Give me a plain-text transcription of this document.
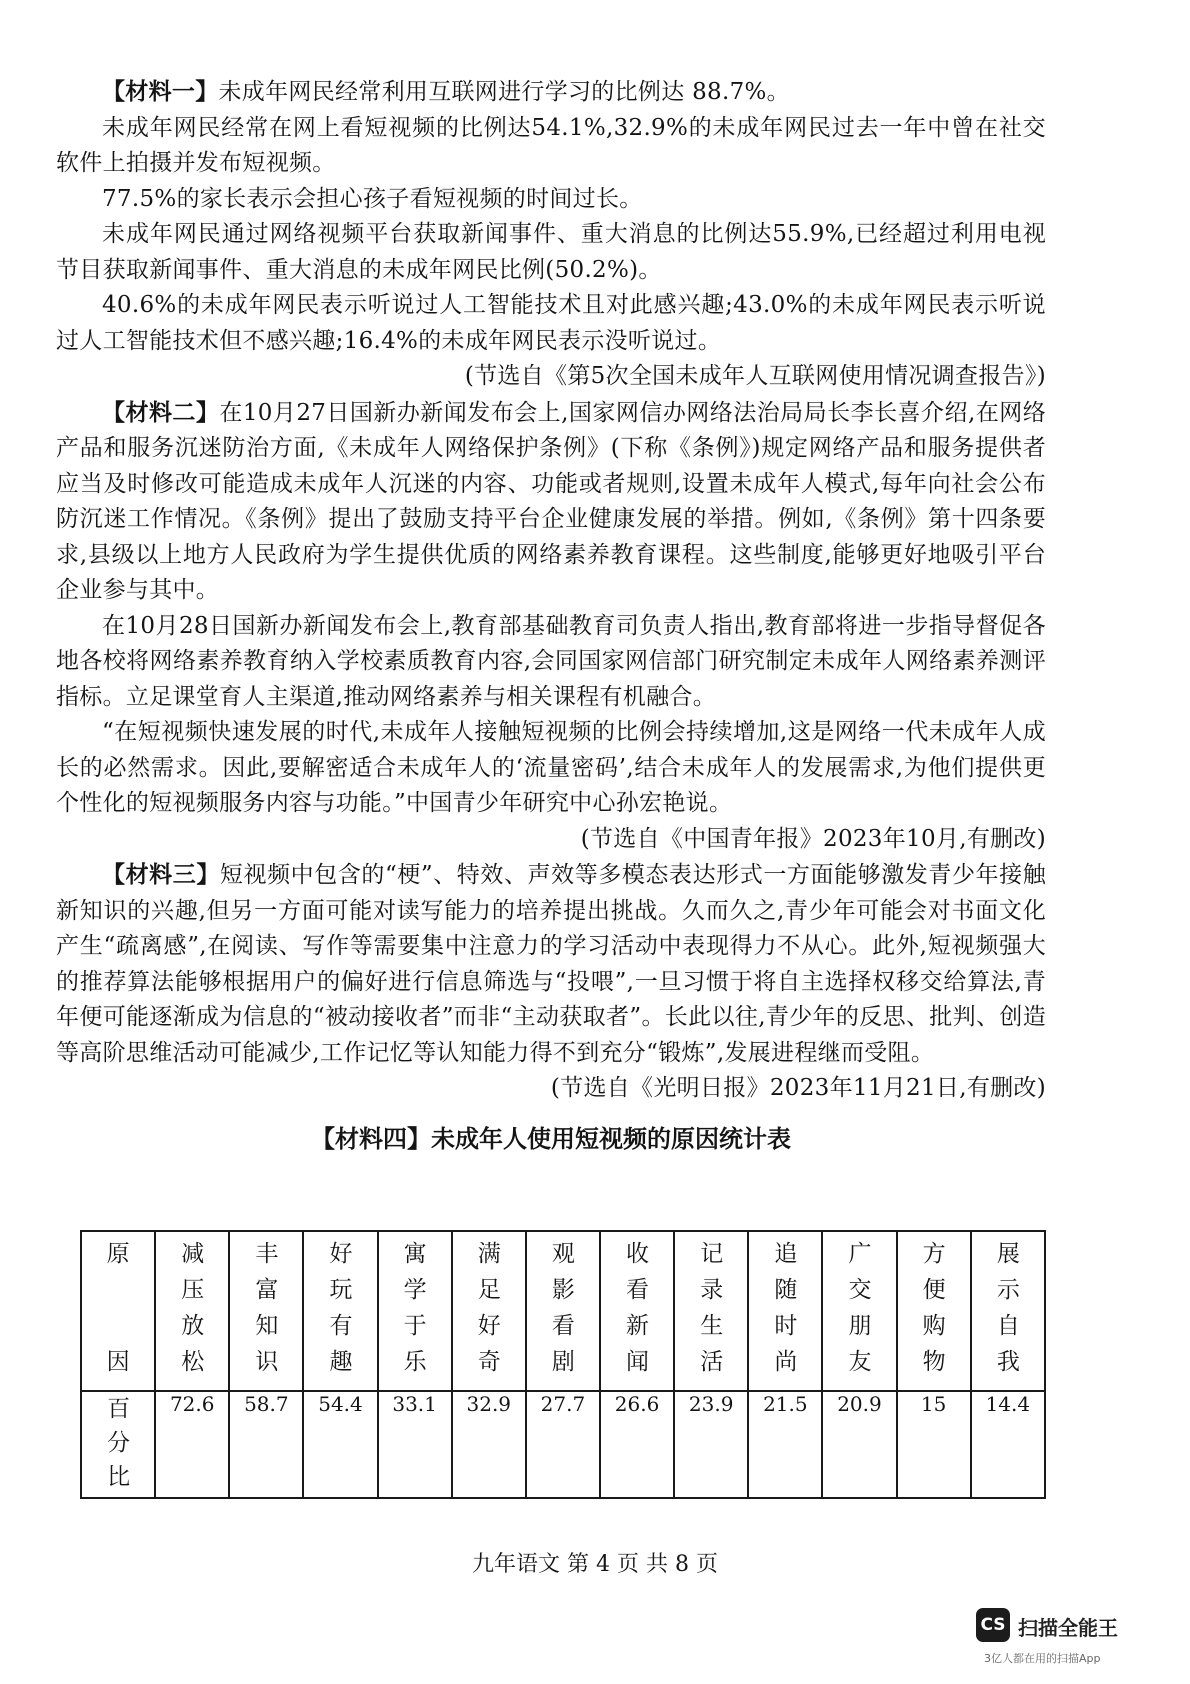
【材料一】未成年网民经常利用互联网进行学习的比例达 88.7%。

未成年网民经常在网上看短视频的比例达54.1%,32.9%的未成年网民过去一年中曾在社交软件上拍摄并发布短视频。

77.5%的家长表示会担心孩子看短视频的时间过长。

未成年网民通过网络视频平台获取新闻事件、重大消息的比例达55.9%,已经超过利用电视节目获取新闻事件、重大消息的未成年网民比例(50.2%)。

40.6%的未成年网民表示听说过人工智能技术且对此感兴趣;43.0%的未成年网民表示听说过人工智能技术但不感兴趣;16.4%的未成年网民表示没听说过。

(节选自《第5次全国未成年人互联网使用情况调查报告》)

【材料二】在10月27日国新办新闻发布会上,国家网信办网络法治局局长李长喜介绍,在网络产品和服务沉迷防治方面,《未成年人网络保护条例》(下称《条例》)规定网络产品和服务提供者应当及时修改可能造成未成年人沉迷的内容、功能或者规则,设置未成年人模式,每年向社会公布防沉迷工作情况。《条例》提出了鼓励支持平台企业健康发展的举措。例如,《条例》第十四条要求,县级以上地方人民政府为学生提供优质的网络素养教育课程。这些制度,能够更好地吸引平台企业参与其中。

在10月28日国新办新闻发布会上,教育部基础教育司负责人指出,教育部将进一步指导督促各地各校将网络素养教育纳入学校素质教育内容,会同国家网信部门研究制定未成年人网络素养测评指标。立足课堂育人主渠道,推动网络素养与相关课程有机融合。

“在短视频快速发展的时代,未成年人接触短视频的比例会持续增加,这是网络一代未成年人成长的必然需求。因此,要解密适合未成年人的‘流量密码’,结合未成年人的发展需求,为他们提供更个性化的短视频服务内容与功能。”中国青少年研究中心孙宏艳说。

(节选自《中国青年报》2023年10月,有删改)

【材料三】短视频中包含的“梗”、特效、声效等多模态表达形式一方面能够激发青少年接触新知识的兴趣,但另一方面可能对读写能力的培养提出挑战。久而久之,青少年可能会对书面文化产生“疏离感”,在阅读、写作等需要集中注意力的学习活动中表现得力不从心。此外,短视频强大的推荐算法能够根据用户的偏好进行信息筛选与“投喂”,一旦习惯于将自主选择权移交给算法,青年便可能逐渐成为信息的“被动接收者”而非“主动获取者”。长此以往,青少年的反思、批判、创造等高阶思维活动可能减少,工作记忆等认知能力得不到充分“锻炼”,发展进程继而受阻。

(节选自《光明日报》2023年11月21日,有删改)

【材料四】未成年人使用短视频的原因统计表
原
因	减压放松	丰富知识	好玩有趣	寓学于乐	满足好奇	观影看剧	收看新闻	记录生活	追随时尚	广交朋友	方便购物	展示自我

百分比	72.6	58.7	54.4	33.1	32.9	27.7	26.6	23.9	21.5	20.9	15	14.4
九年语文 第 4 页 共 8 页
CS 扫描全能王
3亿人都在用的扫描App
